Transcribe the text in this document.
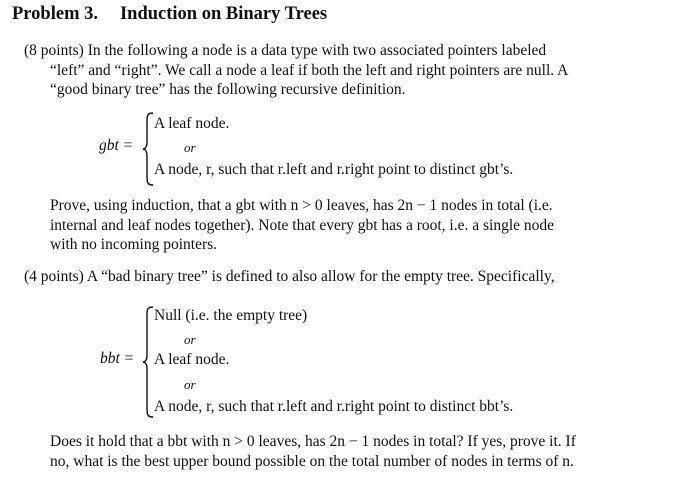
Problem 3. Induction on Binary Trees
(8 points) In the following a node is a data type with two associated pointers labeled
“left” and “right”. We call a node a leaf if both the left and right pointers are null. A
“good binary tree” has the following recursive definition.
gbt =
A leaf node.
or
A node, r, such that r.left and r.right point to distinct gbt’s.
Prove, using induction, that a gbt with n > 0 leaves, has 2n − 1 nodes in total (i.e.
internal and leaf nodes together). Note that every gbt has a root, i.e. a single node
with no incoming pointers.
(4 points) A “bad binary tree” is defined to also allow for the empty tree. Specifically,
bbt =
Null (i.e. the empty tree)
or
A leaf node.
or
A node, r, such that r.left and r.right point to distinct bbt’s.
Does it hold that a bbt with n > 0 leaves, has 2n − 1 nodes in total? If yes, prove it. If
no, what is the best upper bound possible on the total number of nodes in terms of n.
